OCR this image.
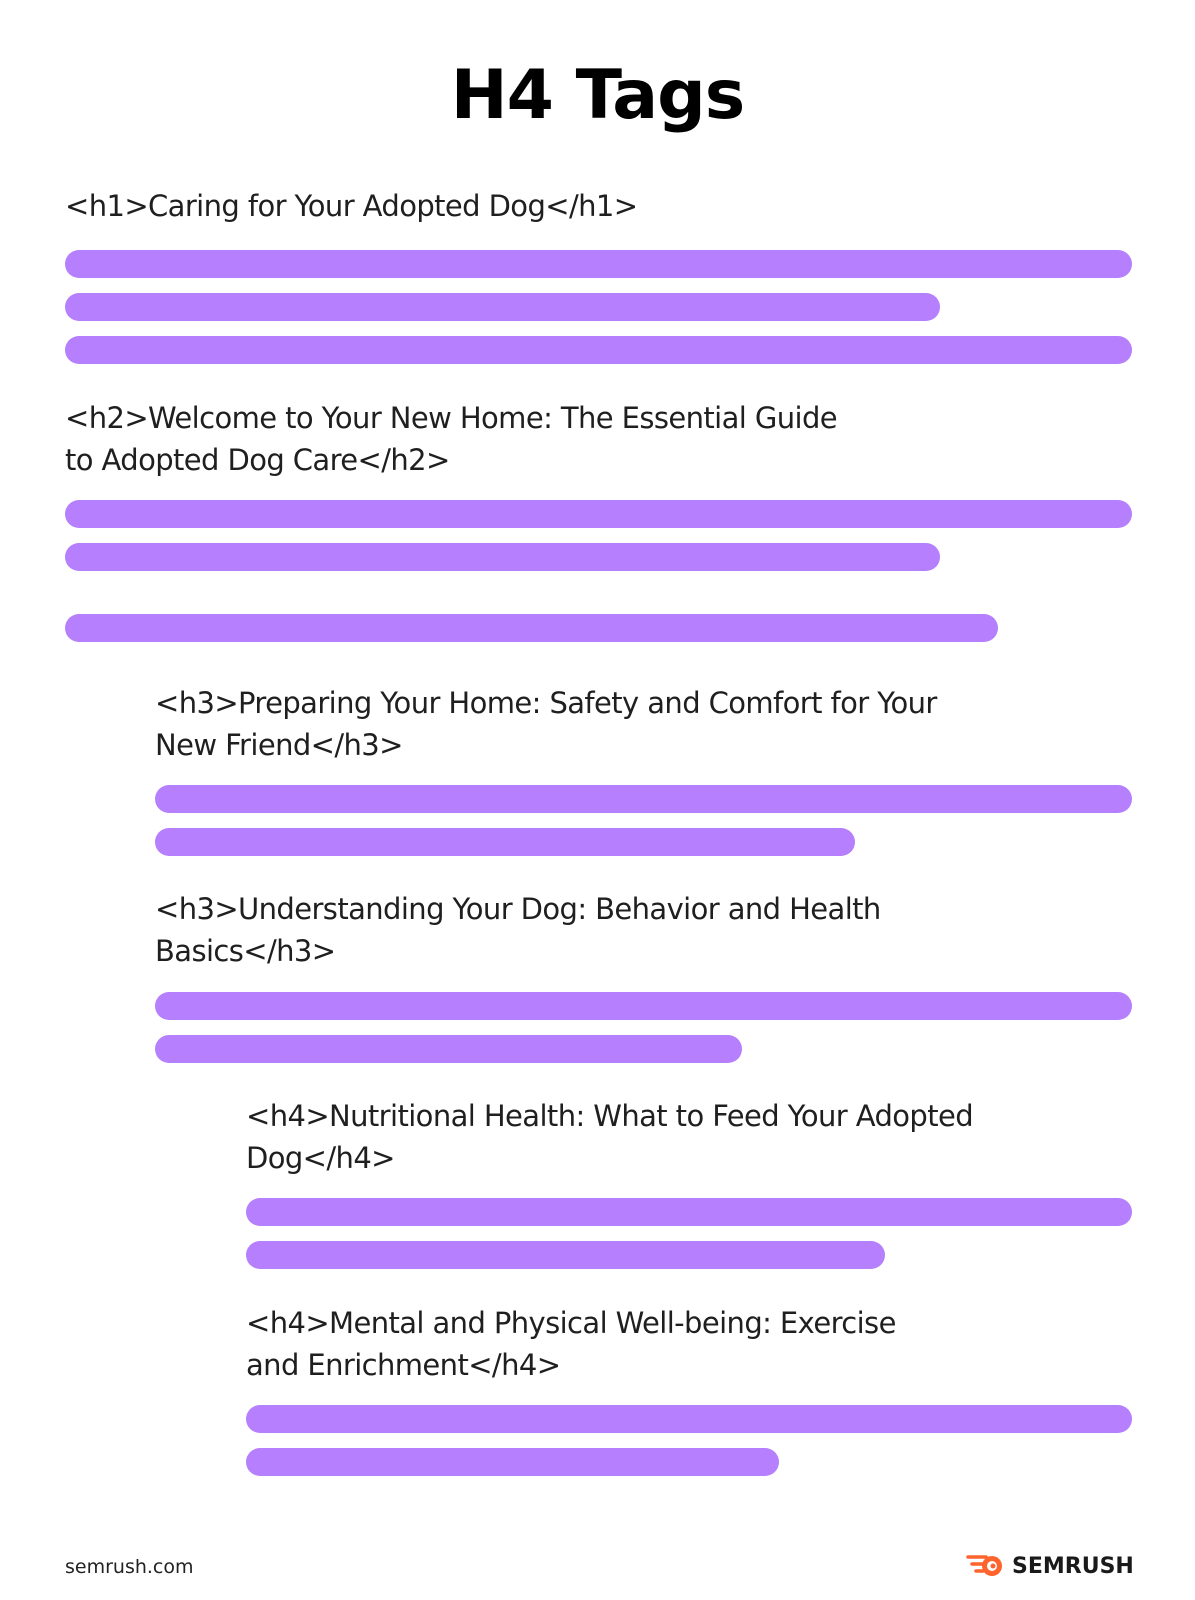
H4 Tags
<h1>Caring for Your Adopted Dog</h1>
<h2>Welcome to Your New Home: The Essential Guide
to Adopted Dog Care</h2>
<h3>Preparing Your Home: Safety and Comfort for Your
New Friend</h3>
<h3>Understanding Your Dog: Behavior and Health
Basics</h3>
<h4>Nutritional Health: What to Feed Your Adopted
Dog</h4>
<h4>Mental and Physical Well-being: Exercise
and Enrichment</h4>
semrush.com	SEMRUSH
